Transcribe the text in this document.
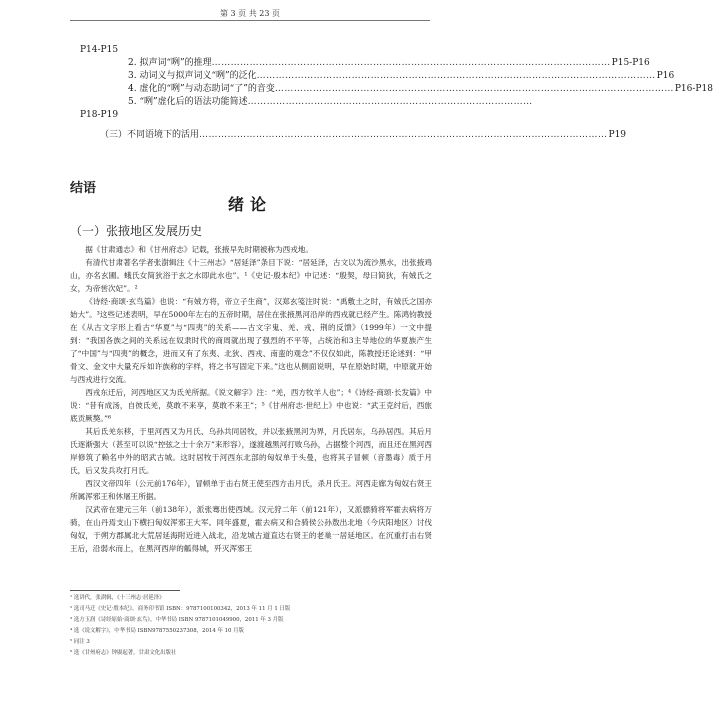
第 3 页 共 23 页
P14-P15
2. 拟声词“咧”的推理 ……………………………………………………………………………………………………………… P15-P16
3. 动词义与拟声词义“咧”的泛化 ……………………………………………………………………………………………………………… P16
4. 虚化的“咧”与动态助词“了”的音变 ……………………………………………………………………………………………………………… P16-P18
5. “咧”虚化后的语法功能简述 ………………………………………………………………………………
P18-P19
（三）不同语境下的活用 ………………………………………………………………………………………………………………… P19
结语
绪论
（一）张掖地区发展历史

据《甘肃通志》和《甘州府志》记载，张掖早先时期被称为西戎地。

有清代甘肃著名学者张澍辑注《十三州志》“居延泽”条目下说：“居延泽，古文以为流沙黑水，出张掖鸡山，亦名玄圃。蛾氏女简狄浴于玄之水即此水也”。¹《史记·殷本纪》中记述：“殷契，母曰简狄，有娀氏之女，为帝喾次妃”。²

《诗经·商颂·玄鸟篇》也说：“有娀方将，帝立子生商”，汉郑玄笺注时说：“禹敷土之时，有娀氏之国亦始大”。³这些记述表明，早在5000年左右的五帝时期，居住在张掖黑河沿岸的西戎就已经产生。陈鸿钧教授在《从古文字形上看古“华夏”与“四夷”的关系——古文字鬼、羌、戎、荆的反馈》（1999年）一文中提到：“我国各族之间的关系远在奴隶时代的商周就出现了强烈的不平等，占统治和3主导地位的华夏族产生了“中国”与“四夷”的概念，进而又有了东夷、北狄、西戎、南蛮的观念”不仅仅如此，陈教授还论述到：“甲骨文、金文中大量充斥如许族称的字样，将之书写固定下来。”这也从侧面说明，早在原始时期，中原就开始与西戎进行交流。

西戎东迁后，河西地区又为氐羌所据。《说文解字》注：“羌，西方牧羊人也”；⁴《诗经·商颂·长发篇》中说：“昔有成汤，自彼氐羌，莫敢不来享，莫敢不来王”；⁵《甘州府志·世纪上》中也说：“武王克纣后，西旅底贡厥獒。”⁶

其后氐羌东移，于里河西又为月氏、乌孙共同居牧，并以张掖黑河为界，月氏居东，乌孙居西。其后月氏逐渐强大（甚至可以说“控弦之士十余万”来形容），遂渡越黑河打败乌孙，占据整个河西，而且还在黑河西岸修筑了赖名中外的昭武古城。这时居牧于河西东北部的匈奴单于头曼，也将其子冒顿（音墨毒）质于月氏，后又发兵攻打月氏。

西汉文帝四年（公元前176年），冒顿单于击右贤王使至西方击月氏，杀月氏王。河西走廊为匈奴右贤王所属浑邪王和休屠王所据。

汉武帝在建元三年（前138年），派张骞出使西域。汉元狩二年（前121年），又派骠骑将军霍去病将万骑，在山丹焉支山下横扫匈奴浑邪王大军。同年盛夏，霍去病又和合骑侯公孙敖出北地（今庆阳地区）讨伐匈奴，于朔方郡属北大荒居延海附近进入战北，沿龙城古道直达右贤王的老巢一居延地区。在沉重打击右贤王后，沿弱水而上，在黑河西岸的觚得城，歼灭浑邪王

¹ 选讲代，张澍辑，《十三州志·居延泽》
² 选司马迁《史记·殷本纪》，商务印书馆 ISBN：9787100100342，2013 年 11 月 1 日版
³ 选方玉润《诗经原始·商颂·玄鸟》，中华书局 ISBN 9787101049900，2011 年 3 月版
⁴ 选《说文解字》，中华书局 ISBN9787550237308，2014 年 10 月版
⁵ 同注 3
⁶ 选《甘州府志》钟赓起著，甘肃文化出版社
